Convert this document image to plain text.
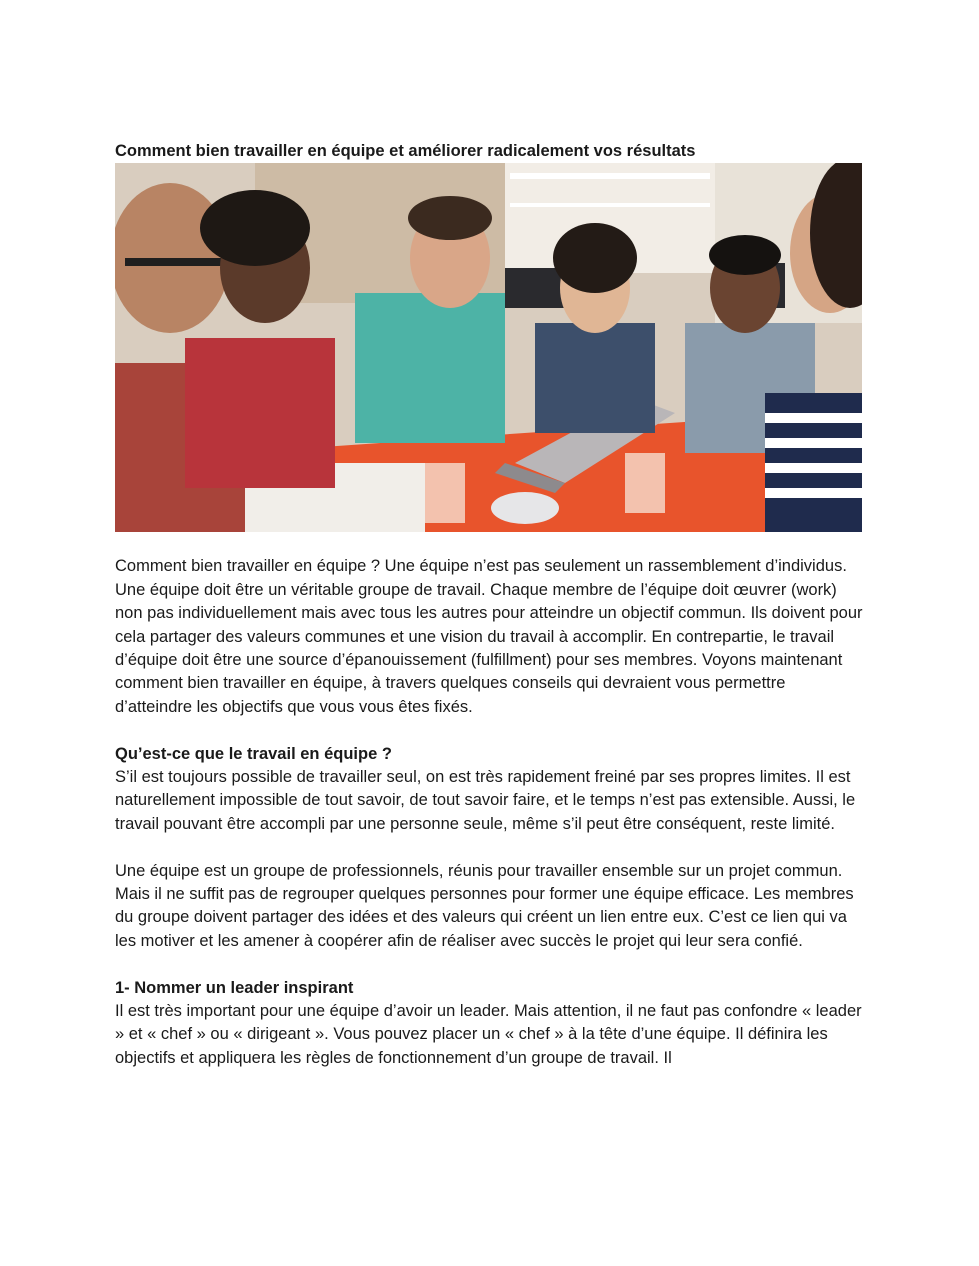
Comment bien travailler en équipe et améliorer radicalement vos résultats

Comment bien travailler en équipe ? Une équipe n’est pas seulement un rassemblement d’individus. Une équipe doit être un véritable groupe de travail. Chaque membre de l’équipe doit œuvrer (work) non pas individuellement mais avec tous les autres pour atteindre un objectif commun. Ils doivent pour cela partager des valeurs communes et une vision du travail à accomplir. En contrepartie, le travail d’équipe doit être une source d’épanouissement (fulfillment) pour ses membres. Voyons maintenant comment bien travailler en équipe, à travers quelques conseils qui devraient vous permettre d’atteindre les objectifs que vous vous êtes fixés.

Qu’est-ce que le travail en équipe ?

S’il est toujours possible de travailler seul, on est très rapidement freiné par ses propres limites. Il est naturellement impossible de tout savoir, de tout savoir faire, et le temps n’est pas extensible. Aussi, le travail pouvant être accompli par une personne seule, même s’il peut être conséquent, reste limité.

Une équipe est un groupe de professionnels, réunis pour travailler ensemble sur un projet commun. Mais il ne suffit pas de regrouper quelques personnes pour former une équipe efficace. Les membres du groupe doivent partager des idées et des valeurs qui créent un lien entre eux. C’est ce lien qui va les motiver et les amener à coopérer afin de réaliser avec succès le projet qui leur sera confié.

1- Nommer un leader inspirant

Il est très important pour une équipe d’avoir un leader. Mais attention, il ne faut pas confondre « leader » et « chef » ou « dirigeant ». Vous pouvez placer un « chef » à la tête d’une équipe. Il définira les objectifs et appliquera les règles de fonctionnement d’un groupe de travail. Il
